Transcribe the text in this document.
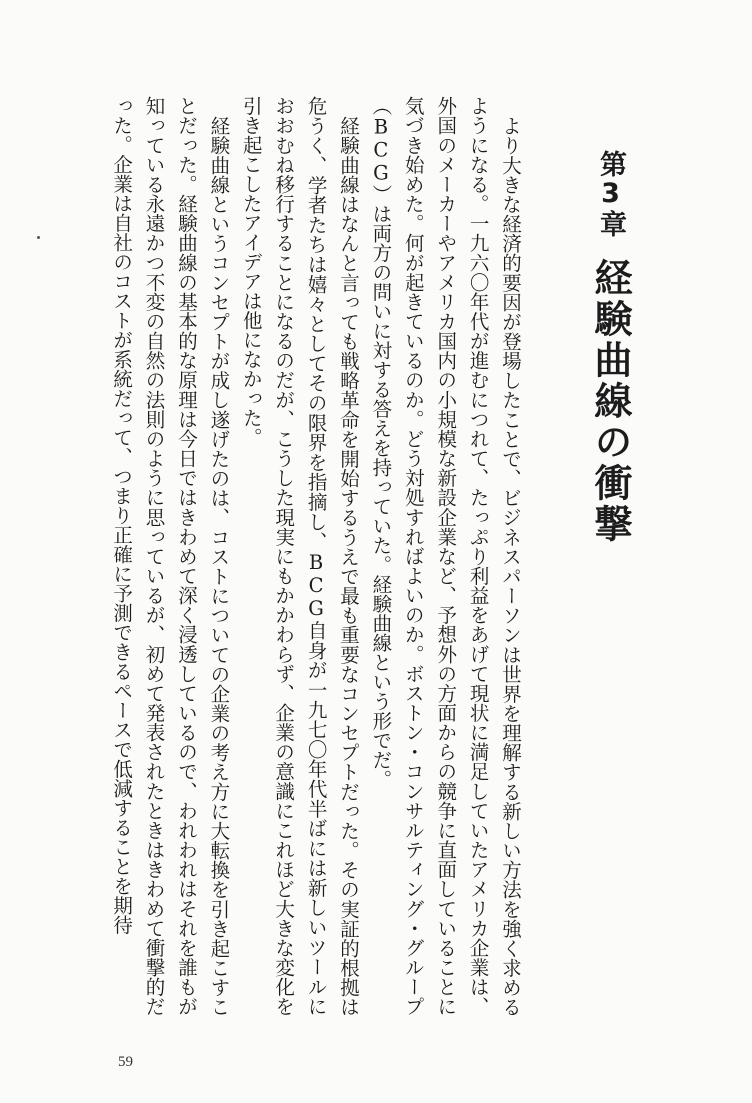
第3章
経験曲線の衝撃

より大きな経済的要因が登場したことで、ビジネスパーソンは世界を理解する新しい方法を強く求めるようになる。一九六〇年代が進むにつれて、たっぷり利益をあげて現状に満足していたアメリカ企業は、外国のメーカーやアメリカ国内の小規模な新設企業など、予想外の方面からの競争に直面していることに気づき始めた。何が起きているのか。どう対処すればよいのか。ボストン・コンサルティング・グループ（BCG）は両方の問いに対する答えを持っていた。経験曲線という形でだ。

経験曲線はなんと言っても戦略革命を開始するうえで最も重要なコンセプトだった。その実証的根拠は危うく、学者たちは嬉々としてその限界を指摘し、BCG自身が一九七〇年代半ばには新しいツールにおおむね移行することになるのだが、こうした現実にもかかわらず、企業の意識にこれほど大きな変化を引き起こしたアイデアは他になかった。

経験曲線というコンセプトが成し遂げたのは、コストについての企業の考え方に大転換を引き起こすことだった。経験曲線の基本的な原理は今日ではきわめて深く浸透しているので、われわれはそれを誰もが知っている永遠かつ不変の自然の法則のように思っているが、初めて発表されたときはきわめて衝撃的だった。企業は自社のコストが系統だって、つまり正確に予測できるペースで低減することを期待

59
